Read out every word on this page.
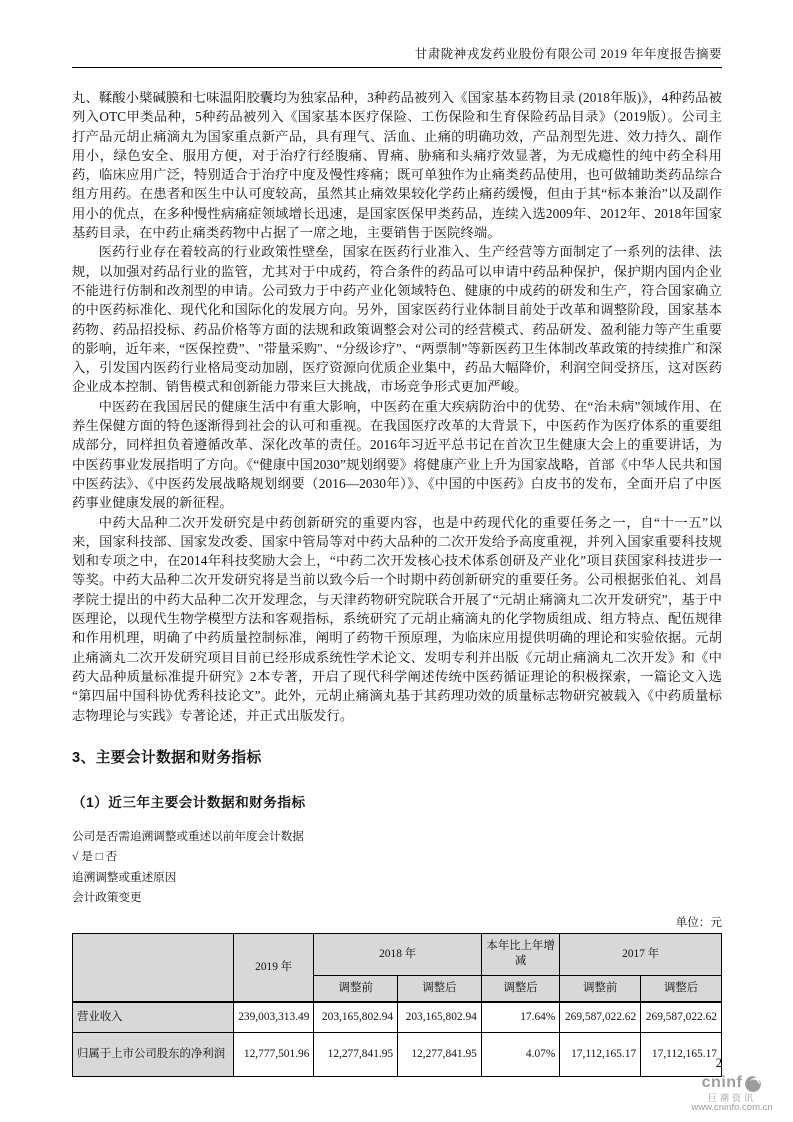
甘肃陇神戎发药业股份有限公司 2019 年年度报告摘要

丸、鞣酸小檗碱膜和七味温阳胶囊均为独家品种，3种药品被列入《国家基本药物目录 (2018年版)》，4种药品被列入OTC甲类品种，5种药品被列入《国家基本医疗保险、工伤保险和生育保险药品目录》（2019版）。公司主打产品元胡止痛滴丸为国家重点新产品，具有理气、活血、止痛的明确功效，产品剂型先进、效力持久、副作用小，绿色安全、服用方便，对于治疗行经腹痛、胃痛、胁痛和头痛疗效显著，为无成瘾性的纯中药全科用药，临床应用广泛，特别适合于治疗中度及慢性疼痛；既可单独作为止痛类药品使用，也可做辅助类药品综合组方用药。在患者和医生中认可度较高，虽然其止痛效果较化学药止痛药缓慢，但由于其“标本兼治”以及副作用小的优点，在多种慢性病痛症领域增长迅速，是国家医保甲类药品，连续入选2009年、2012年、2018年国家基药目录，在中药止痛类药物中占据了一席之地，主要销售于医院终端。

医药行业存在着较高的行业政策性壁垒，国家在医药行业准入、生产经营等方面制定了一系列的法律、法规，以加强对药品行业的监管，尤其对于中成药，符合条件的药品可以申请中药品种保护，保护期内国内企业不能进行仿制和改剂型的申请。公司致力于中药产业化领域特色、健康的中成药的研发和生产，符合国家确立的中医药标准化、现代化和国际化的发展方向。另外，国家医药行业体制目前处于改革和调整阶段，国家基本药物、药品招投标、药品价格等方面的法规和政策调整会对公司的经营模式、药品研发、盈利能力等产生重要的影响，近年来，“医保控费”、"带量采购"、“分级诊疗”、“两票制”等新医药卫生体制改革政策的持续推广和深入，引发国内医药行业格局变动加剧，医疗资源向优质企业集中，药品大幅降价，利润空间受挤压，这对医药企业成本控制、销售模式和创新能力带来巨大挑战，市场竞争形式更加严峻。

中医药在我国居民的健康生活中有重大影响，中医药在重大疾病防治中的优势、在“治未病”领域作用、在养生保健方面的特色逐渐得到社会的认可和重视。在我国医疗改革的大背景下，中医药作为医疗体系的重要组成部分，同样担负着遵循改革、深化改革的责任。2016年习近平总书记在首次卫生健康大会上的重要讲话，为中医药事业发展指明了方向。《“健康中国2030”规划纲要》将健康产业上升为国家战略，首部《中华人民共和国中医药法》、《中医药发展战略规划纲要（2016—2030年）》、《中国的中医药》白皮书的发布，全面开启了中医药事业健康发展的新征程。

中药大品种二次开发研究是中药创新研究的重要内容，也是中药现代化的重要任务之一，自“十一五”以来，国家科技部、国家发改委、国家中管局等对中药大品种的二次开发给予高度重视，并列入国家重要科技规划和专项之中，在2014年科技奖励大会上，“中药二次开发核心技术体系创研及产业化”项目获国家科技进步一等奖。中药大品种二次开发研究将是当前以致今后一个时期中药创新研究的重要任务。公司根据张伯礼、刘昌孝院士提出的中药大品种二次开发理念，与天津药物研究院联合开展了“元胡止痛滴丸二次开发研究”，基于中医理论，以现代生物学模型方法和客观指标，系统研究了元胡止痛滴丸的化学物质组成、组方特点、配伍规律和作用机理，明确了中药质量控制标准，阐明了药物干预原理，为临床应用提供明确的理论和实验依据。元胡止痛滴丸二次开发研究项目目前已经形成系统性学术论文、发明专利并出版《元胡止痛滴丸二次开发》和《中药大品种质量标准提升研究》2本专著，开启了现代科学阐述传统中医药循证理论的积极探索，一篇论文入选“第四届中国科协优秀科技论文”。此外，元胡止痛滴丸基于其药理功效的质量标志物研究被载入《中药质量标志物理论与实践》专著论述，并正式出版发行。

3、主要会计数据和财务指标
（1）近三年主要会计数据和财务指标
公司是否需追溯调整或重述以前年度会计数据
√ 是 □ 否
追溯调整或重述原因
会计政策变更
单位：元
	2019 年	2018 年		本年比上年增减	2017 年	
		调整前	调整后	调整后	调整前	调整后
营业收入	239,003,313.49	203,165,802.94	203,165,802.94	17.64%	269,587,022.62	269,587,022.62
归属于上市公司股东的净利润	12,777,501.96	12,277,841.95	12,277,841.95	4.07%	17,112,165.17	17,112,165.17
2
cninf
巨潮资讯
www.cninfo.com.cn
